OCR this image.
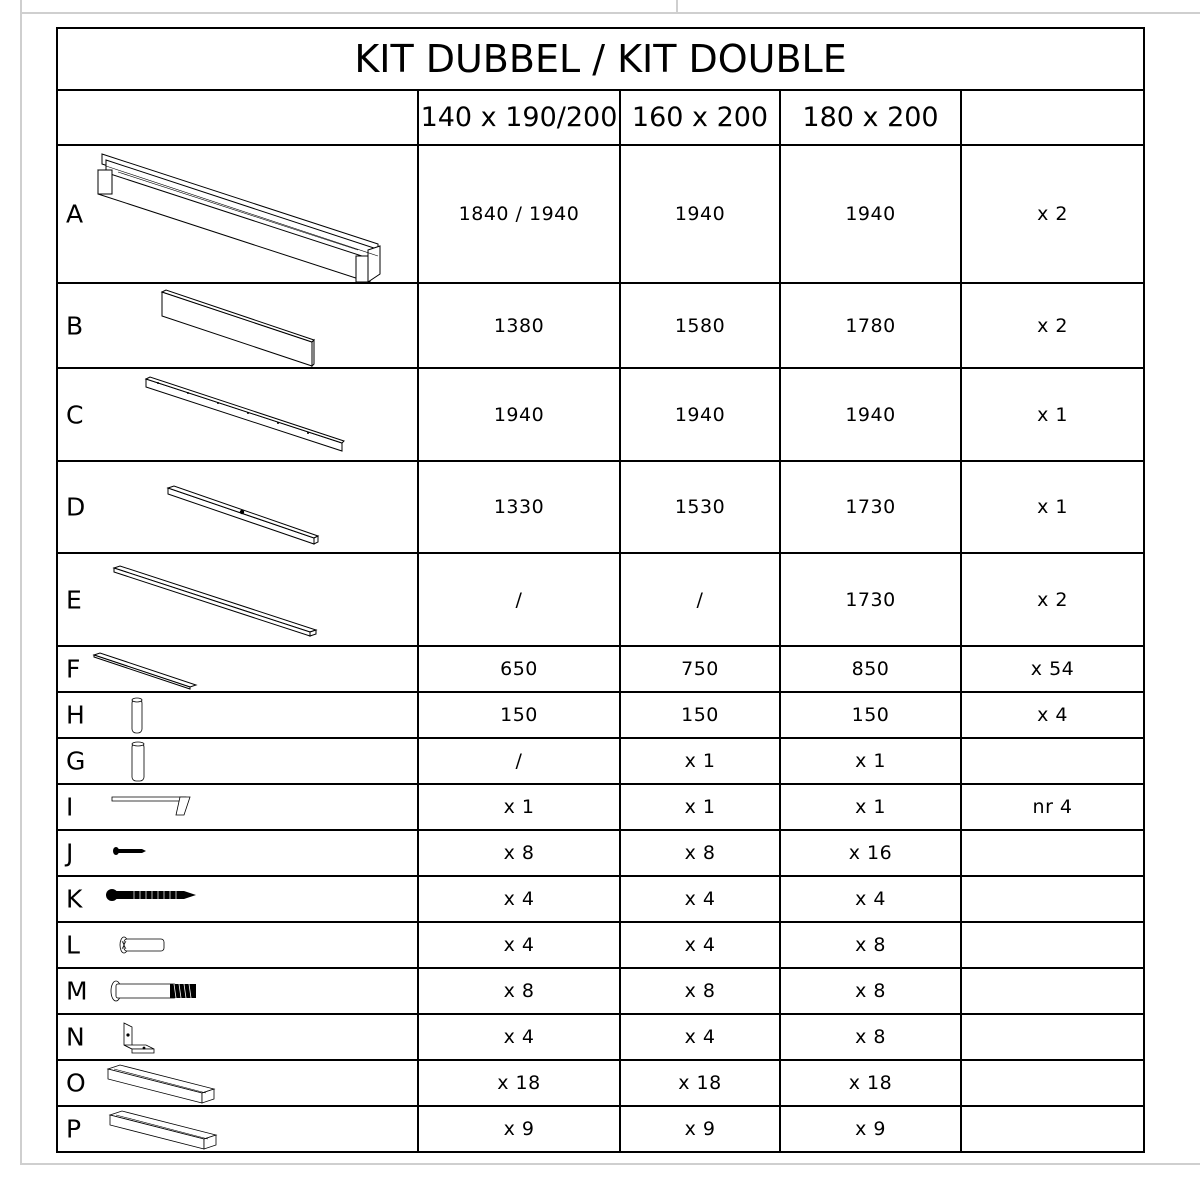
KIT DUBBEL / KIT DOUBLE				
	140 x 190/200	160 x 200	180 x 200	

A	1840 / 1940	1940	1940	x 2

B	1380	1580	1780	x 2

C	1940	1940	1940	x 1

D	1330	1530	1730	x 1

E	/	/	1730	x 2

F	650	750	850	x 54

H	150	150	150	x 4

G	/	x 1	x 1	

I	x 1	x 1	x 1	nr 4

J	x 8	x 8	x 16	

K	x 4	x 4	x 4	

L	x 4	x 4	x 8	

M	x 8	x 8	x 8	

N	x 4	x 4	x 8	

O	x 18	x 18	x 18	

P	x 9	x 9	x 9	
